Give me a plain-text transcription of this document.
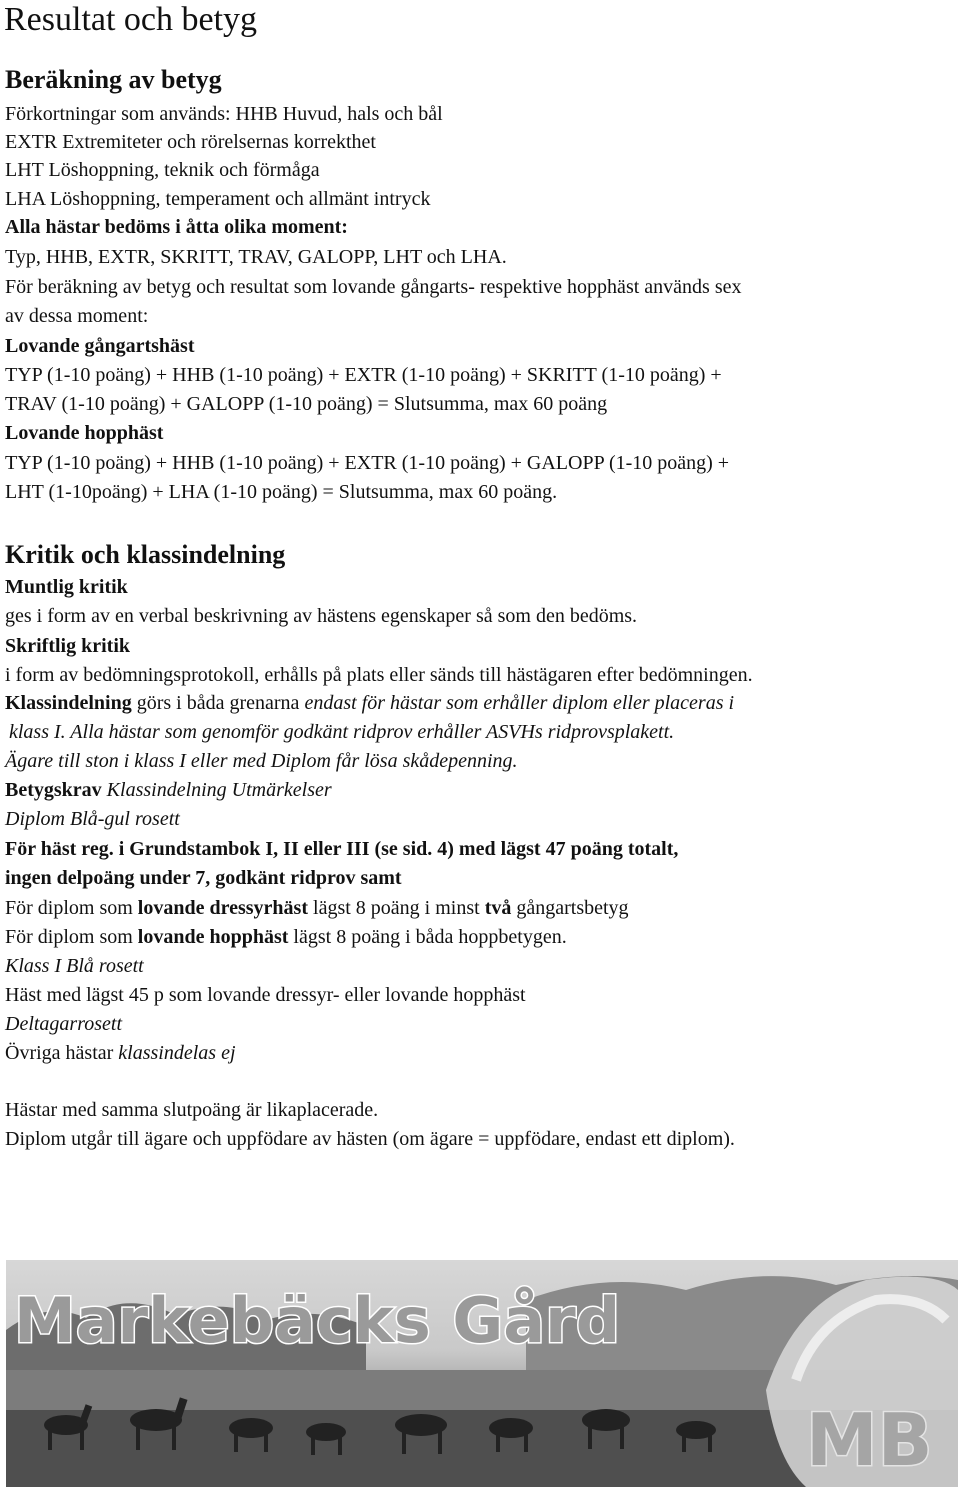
Resultat och betyg
Beräkning av betyg
Förkortningar som används: HHB Huvud, hals och bål
EXTR Extremiteter och rörelsernas korrekthet
LHT Löshoppning, teknik och förmåga
LHA Löshoppning, temperament och allmänt intryck
Alla hästar bedöms i åtta olika moment:
Typ, HHB, EXTR, SKRITT, TRAV, GALOPP, LHT och LHA.
För beräkning av betyg och resultat som lovande gångarts- respektive hopphäst används sex
av dessa moment:
Lovande gångartshäst
TYP (1-10 poäng) + HHB (1-10 poäng) + EXTR (1-10 poäng) + SKRITT (1-10 poäng) +
TRAV (1-10 poäng) + GALOPP (1-10 poäng) = Slutsumma, max 60 poäng
Lovande hopphäst
TYP (1-10 poäng) + HHB (1-10 poäng) + EXTR (1-10 poäng) + GALOPP (1-10 poäng) +
LHT (1-10poäng) + LHA (1-10 poäng) = Slutsumma, max 60 poäng.
Kritik och klassindelning
Muntlig kritik
ges i form av en verbal beskrivning av hästens egenskaper så som den bedöms.
Skriftlig kritik
i form av bedömningsprotokoll, erhålls på plats eller sänds till hästägaren efter bedömningen.
Klassindelning görs i båda grenarna endast för hästar som erhåller diplom eller placeras i
klass I. Alla hästar som genomför godkänt ridprov erhåller ASVHs ridprovsplakett.
Ägare till ston i klass I eller med Diplom får lösa skådepenning.
Betygskrav Klassindelning Utmärkelser
Diplom Blå-gul rosett
För häst reg. i Grundstambok I, II eller III (se sid. 4) med lägst 47 poäng totalt,
ingen delpoäng under 7, godkänt ridprov samt
För diplom som lovande dressyrhäst lägst 8 poäng i minst två gångartsbetyg
För diplom som lovande hopphäst lägst 8 poäng i båda hoppbetygen.
Klass I Blå rosett
Häst med lägst 45 p som lovande dressyr- eller lovande hopphäst
Deltagarrosett
Övriga hästar klassindelas ej
Hästar med samma slutpoäng är likaplacerade.
Diplom utgår till ägare och uppfödare av hästen (om ägare = uppfödare, endast ett diplom).
Markebäcks Gård
MB
